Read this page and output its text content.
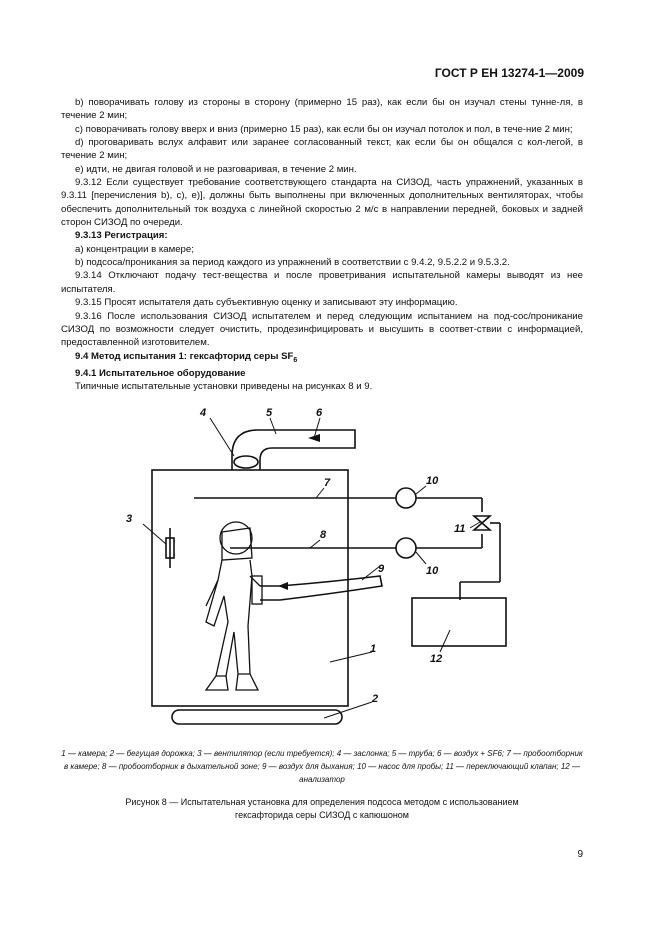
ГОСТ Р ЕН 13274-1—2009

b) поворачивать голову из стороны в сторону (примерно 15 раз), как если бы он изучал стены тунне-ля, в течение 2 мин;

c) поворачивать голову вверх и вниз (примерно 15 раз), как если бы он изучал потолок и пол, в тече-ние 2 мин;

d) проговаривать вслух алфавит или заранее согласованный текст, как если бы он общался с кол-легой, в течение 2 мин;

e) идти, не двигая головой и не разговаривая, в течение 2 мин.

9.3.12 Если существует требование соответствующего стандарта на СИЗОД, часть упражнений, указанных в 9.3.11 [перечисления b), c), e)], должны быть выполнены при включенных дополнительных вентиляторах, чтобы обеспечить дополнительный ток воздуха с линейной скоростью 2 м/с в направлении передней, боковых и задней сторон СИЗОД по очереди.

9.3.13 Регистрация:

a) концентрации в камере;

b) подсоса/проникания за период каждого из упражнений в соответствии с 9.4.2, 9.5.2.2 и 9.5.3.2.

9.3.14 Отключают подачу тест-вещества и после проветривания испытательной камеры выводят из нее испытателя.

9.3.15 Просят испытателя дать субъективную оценку и записывают эту информацию.

9.3.16 После использования СИЗОД испытателем и перед следующим испытанием на под-сос/проникание СИЗОД по возможности следует очистить, продезинфицировать и высушить в соответ-ствии с информацией, предоставленной изготовителем.

9.4 Метод испытания 1: гексафторид серы $SF_6$

9.4.1 Испытательное оборудование

Типичные испытательные установки приведены на рисунках 8 и 9.

4	5	6
7
8
9
3
10
10
11
1
2
12
1 — камера; 2 — бегущая дорожка; 3 — вентилятор (если требуется); 4 — заслонка; 5 — труба; 6 — воздух + SF6; 7 — пробоотборник в камере; 8 — пробоотборник в дыхательной зоне; 9 — воздух для дыхания; 10 — насос для пробы; 11 — переключающий клапан; 12 — анализатор
Рисунок 8 — Испытательная установка для определения подсоса методом с использованием
гексафторида серы СИЗОД с капюшоном
9
